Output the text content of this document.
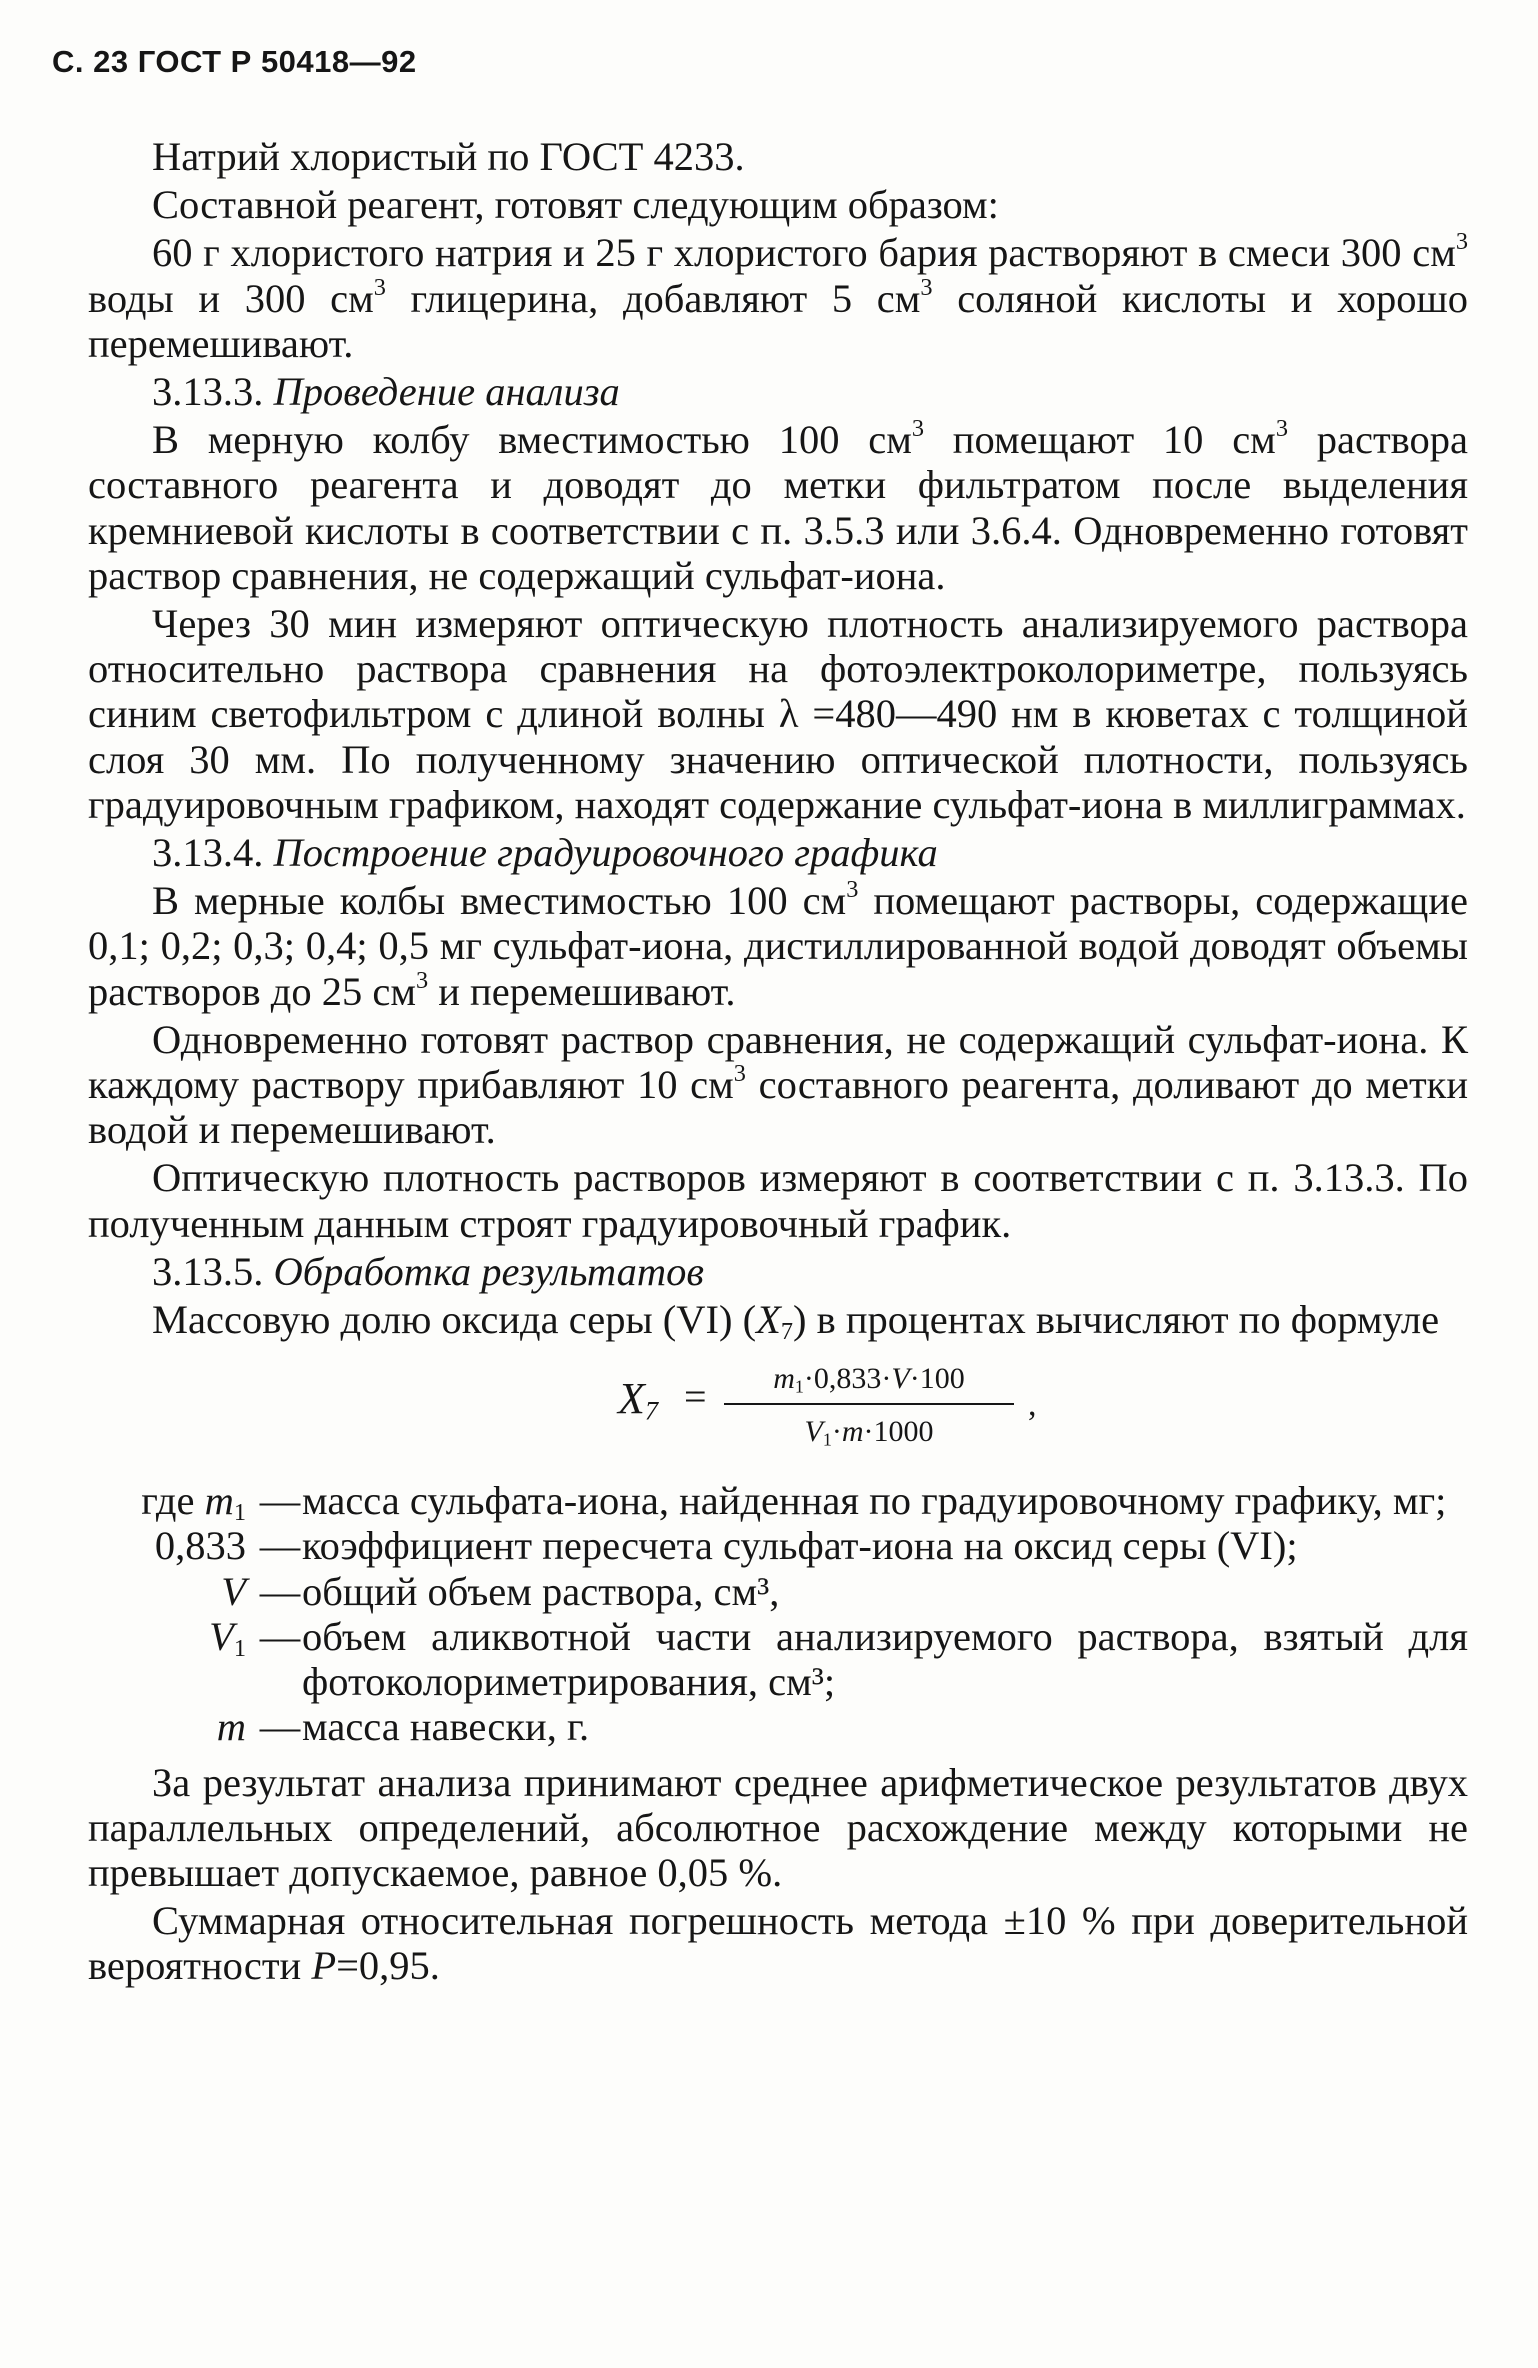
С. 23 ГОСТ Р 50418—92

Натрий хлористый по ГОСТ 4233.

Составной реагент, готовят следующим образом:

60 г хлористого натрия и 25 г хлористого бария растворяют в смеси 300 $см^3$ воды и 300 $см^3$ глицерина, добавляют 5 $см^3$ соляной кислоты и хорошо перемешивают.

3.13.3. Проведение анализа

В мерную колбу вместимостью 100 $см^3$ помещают 10 $см^3$ раствора составного реагента и доводят до метки фильтратом после выделения кремниевой кислоты в соответствии с п. 3.5.3 или 3.6.4. Одновременно готовят раствор сравнения, не содержащий сульфат-иона.

Через 30 мин измеряют оптическую плотность анализируемого раствора относительно раствора сравнения на фотоэлектроколориметре, пользуясь синим светофильтром с длиной волны λ =480—490 нм в кюветах с толщиной слоя 30 мм. По полученному значению оптической плотности, пользуясь градуировочным графиком, находят содержание сульфат-иона в миллиграммах.

3.13.4. Построение градуировочного графика

В мерные колбы вместимостью 100 $см^3$ помещают растворы, содержащие 0,1; 0,2; 0,3; 0,4; 0,5 мг сульфат-иона, дистиллированной водой доводят объемы растворов до 25 $см^3$ и перемешивают.

Одновременно готовят раствор сравнения, не содержащий сульфат-иона. К каждому раствору прибавляют 10 $см^3$ составного реагента, доливают до метки водой и перемешивают.

Оптическую плотность растворов измеряют в соответствии с п. 3.13.3. По полученным данным строят градуировочный график.

3.13.5. Обработка результатов

Массовую долю оксида серы (VI) $(X_7)$ в процентах вычисляют по формуле

$X_7 = \frac{m_1\cdot 0,833\cdot V\cdot 100}{V_1\cdot m\cdot 1000}$ ,
где $m_1$ — масса сульфата-иона, найденная по градуировочному графику, мг;
0,833 — коэффициент пересчета сульфат-иона на оксид серы (VI);
V — общий объем раствора, см³,
$V_1$ — объем аликвотной части анализируемого раствора, взятый для фотоколориметрирования, см³;
m — масса навески, г.

За результат анализа принимают среднее арифметическое результатов двух параллельных определений, абсолютное расхождение между которыми не превышает допускаемое, равное 0,05 %.

Суммарная относительная погрешность метода ±10 % при доверительной вероятности P=0,95.
